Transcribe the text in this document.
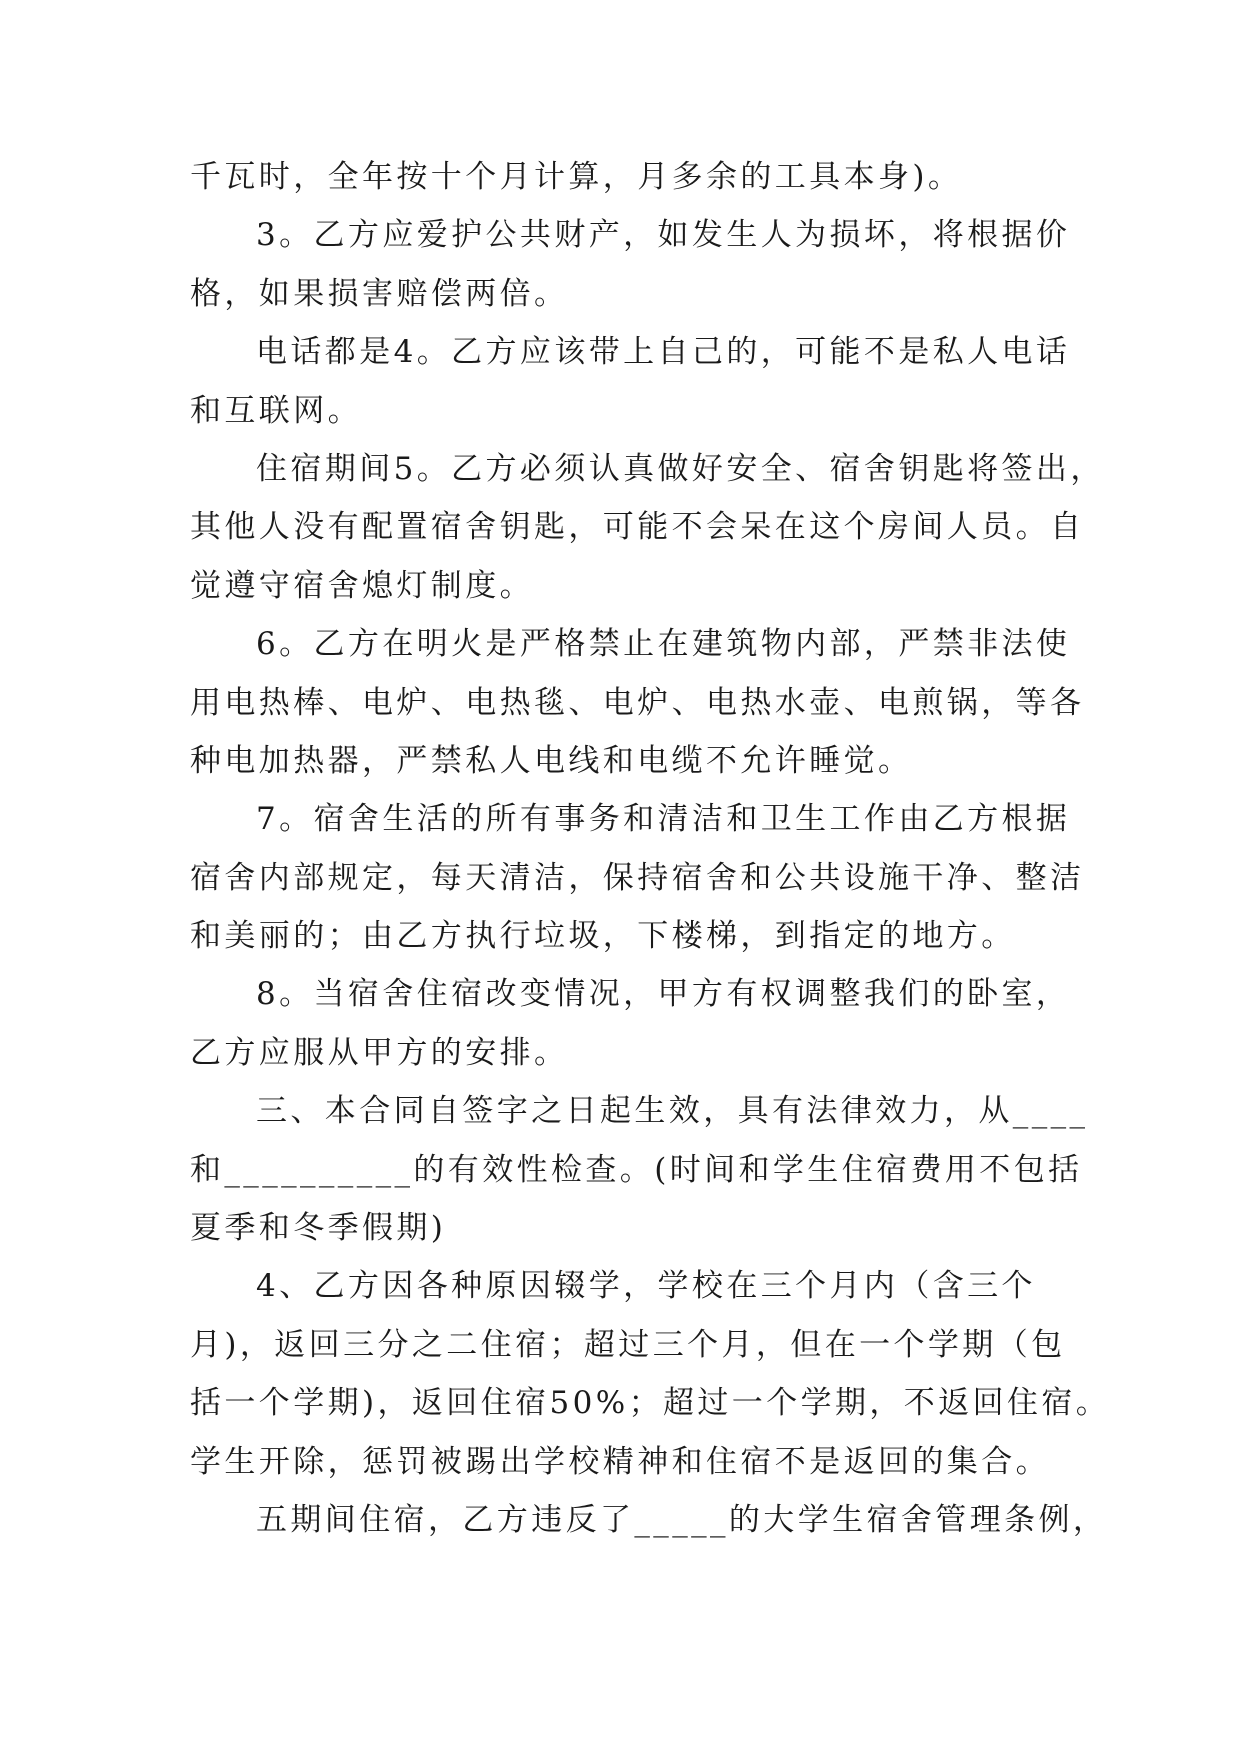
千瓦时，全年按十个月计算，月多余的工具本身)。
3。乙方应爱护公共财产，如发生人为损坏，将根据价
格，如果损害赔偿两倍。
电话都是4。乙方应该带上自己的，可能不是私人电话
和互联网。
住宿期间5。乙方必须认真做好安全、宿舍钥匙将签出，
其他人没有配置宿舍钥匙，可能不会呆在这个房间人员。自
觉遵守宿舍熄灯制度。
6。乙方在明火是严格禁止在建筑物内部，严禁非法使
用电热棒、电炉、电热毯、电炉、电热水壶、电煎锅，等各
种电加热器，严禁私人电线和电缆不允许睡觉。
7。宿舍生活的所有事务和清洁和卫生工作由乙方根据
宿舍内部规定，每天清洁，保持宿舍和公共设施干净、整洁
和美丽的；由乙方执行垃圾，下楼梯，到指定的地方。
8。当宿舍住宿改变情况，甲方有权调整我们的卧室，
乙方应服从甲方的安排。
三、本合同自签字之日起生效，具有法律效力，从____
和__________的有效性检查。(时间和学生住宿费用不包括
夏季和冬季假期)
4、乙方因各种原因辍学，学校在三个月内（含三个
月)，返回三分之二住宿；超过三个月，但在一个学期（包
括一个学期)，返回住宿50%；超过一个学期，不返回住宿。
学生开除，惩罚被踢出学校精神和住宿不是返回的集合。
五期间住宿，乙方违反了_____的大学生宿舍管理条例，
